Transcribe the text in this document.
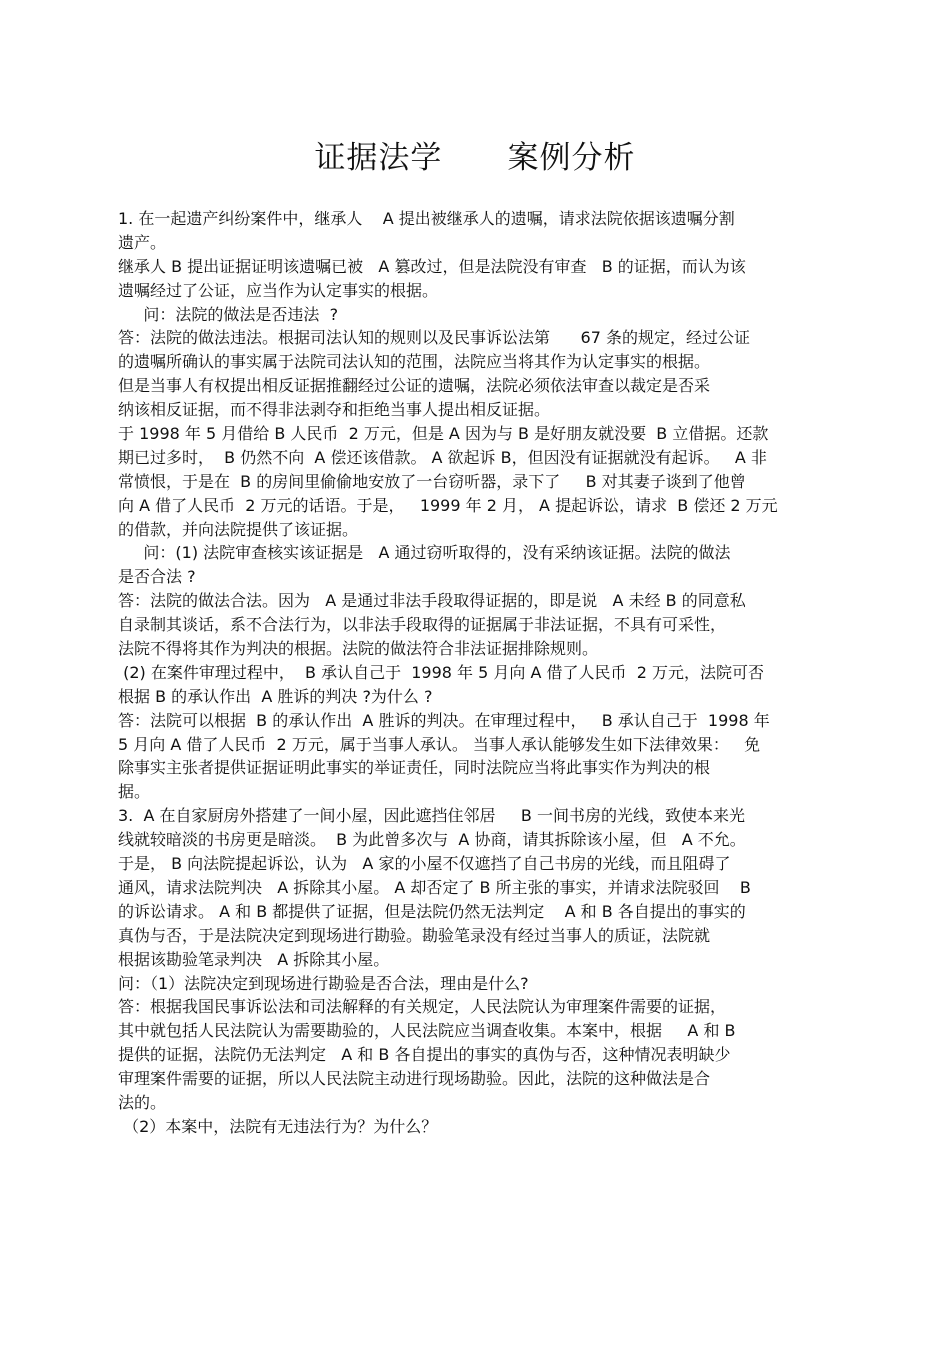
证据法学      案例分析
1. 在一起遗产纠纷案件中，继承人    A 提出被继承人的遗嘱，请求法院依据该遗嘱分割
遗产。
继承人 B 提出证据证明该遗嘱已被   A 篡改过，但是法院没有审查   B 的证据，而认为该
遗嘱经过了公证，应当作为认定事实的根据。
问：法院的做法是否违法  ?
答：法院的做法违法。根据司法认知的规则以及民事诉讼法第      67 条的规定，经过公证
的遗嘱所确认的事实属于法院司法认知的范围，法院应当将其作为认定事实的根据。
但是当事人有权提出相反证据推翻经过公证的遗嘱，法院必须依法审查以裁定是否采
纳该相反证据，而不得非法剥夺和拒绝当事人提出相反证据。
于 1998 年 5 月借给 B 人民币  2 万元，但是 A 因为与 B 是好朋友就没要  B 立借据。还款
期已过多时，  B 仍然不向  A 偿还该借款。 A 欲起诉 B，但因没有证据就没有起诉。   A 非
常愤恨，于是在  B 的房间里偷偷地安放了一台窃听器，录下了     B 对其妻子谈到了他曾
向 A 借了人民币  2 万元的话语。于是，   1999 年 2 月， A 提起诉讼，请求  B 偿还 2 万元
的借款，并向法院提供了该证据。
问：(1) 法院审查核实该证据是   A 通过窃听取得的，没有采纳该证据。法院的做法
是否合法 ?
答：法院的做法合法。因为   A 是通过非法手段取得证据的，即是说   A 未经 B 的同意私
自录制其谈话，系不合法行为，以非法手段取得的证据属于非法证据，不具有可采性，
法院不得将其作为判决的根据。法院的做法符合非法证据排除规则。
(2) 在案件审理过程中，  B 承认自己于  1998 年 5 月向 A 借了人民币  2 万元，法院可否
根据 B 的承认作出  A 胜诉的判决 ?为什么 ?
答：法院可以根据  B 的承认作出  A 胜诉的判决。在审理过程中，   B 承认自己于  1998 年
5 月向 A 借了人民币  2 万元，属于当事人承认。 当事人承认能够发生如下法律效果：   免
除事实主张者提供证据证明此事实的举证责任，同时法院应当将此事实作为判决的根
据。
3.  A 在自家厨房外搭建了一间小屋，因此遮挡住邻居     B 一间书房的光线，致使本来光
线就较暗淡的书房更是暗淡。  B 为此曾多次与  A 协商，请其拆除该小屋，但   A 不允。
于是， B 向法院提起诉讼，认为   A 家的小屋不仅遮挡了自己书房的光线，而且阻碍了
通风，请求法院判决   A 拆除其小屋。 A 却否定了 B 所主张的事实，并请求法院驳回    B
的诉讼请求。 A 和 B 都提供了证据，但是法院仍然无法判定    A 和 B 各自提出的事实的
真伪与否，于是法院决定到现场进行勘验。勘验笔录没有经过当事人的质证，法院就
根据该勘验笔录判决   A 拆除其小屋。
问：（1）法院决定到现场进行勘验是否合法，理由是什么?
答：根据我国民事诉讼法和司法解释的有关规定，人民法院认为审理案件需要的证据，
其中就包括人民法院认为需要勘验的，人民法院应当调查收集。本案中，根据     A 和 B
提供的证据，法院仍无法判定   A 和 B 各自提出的事实的真伪与否，这种情况表明缺少
审理案件需要的证据，所以人民法院主动进行现场勘验。因此，法院的这种做法是合
法的。
（2）本案中，法院有无违法行为？为什么？
